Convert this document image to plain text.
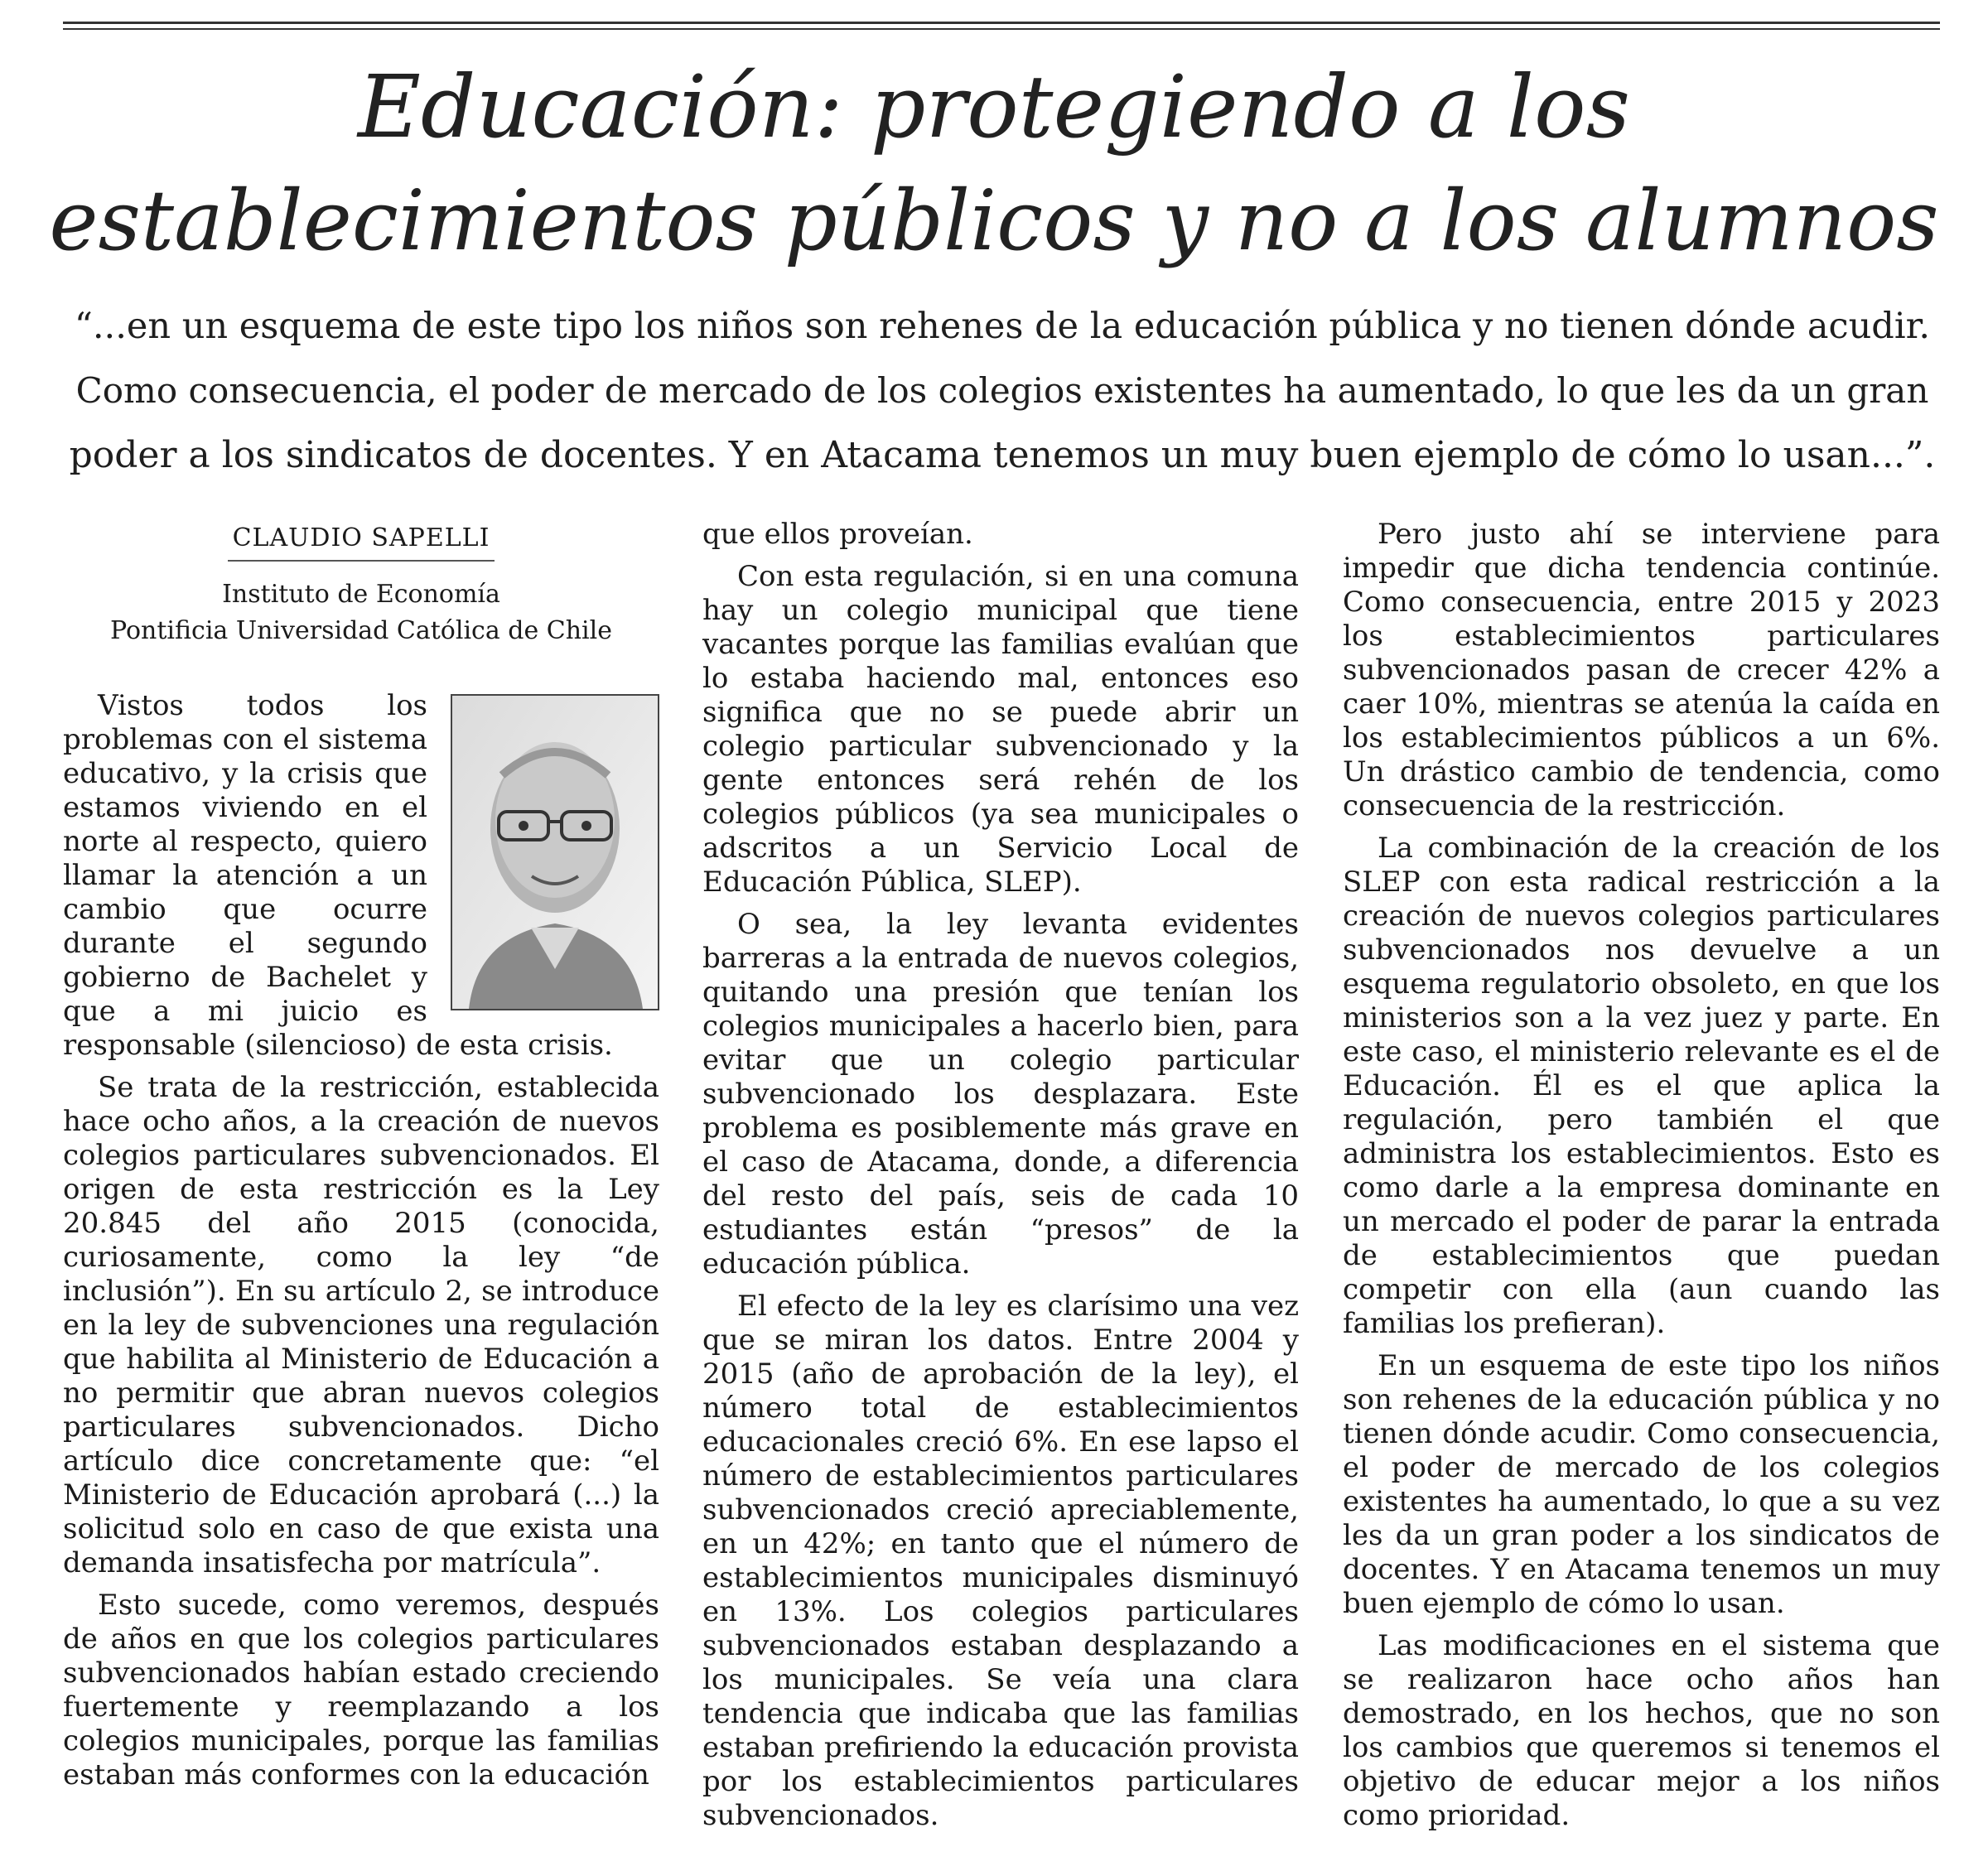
Educación: protegiendo a los
establecimientos públicos y no a los alumnos
“...en un esquema de este tipo los niños son rehenes de la educación pública y no tienen dónde acudir.
Como consecuencia, el poder de mercado de los colegios existentes ha aumentado, lo que les da un gran
poder a los sindicatos de docentes. Y en Atacama tenemos un muy buen ejemplo de cómo lo usan...”.
CLAUDIO SAPELLI
Instituto de Economía
Pontificia Universidad Católica de Chile

Vistos todos los problemas con el sistema educativo, y la crisis que estamos viviendo en el norte al respecto, quiero llamar la atención a un cambio que ocurre durante el segundo gobierno de Bachelet y que a mi juicio es responsable (silencioso) de esta crisis.

Se trata de la restricción, establecida hace ocho años, a la creación de nuevos colegios particulares subvencionados. El origen de esta restricción es la Ley 20.845 del año 2015 (conocida, curiosamente, como la ley “de inclusión”). En su artículo 2, se introduce en la ley de subvenciones una regulación que habilita al Ministerio de Educación a no permitir que abran nuevos colegios particulares subvencionados. Dicho artículo dice concretamente que: “el Ministerio de Educación aprobará (...) la solicitud solo en caso de que exista una demanda insatisfecha por matrícula”.

Esto sucede, como veremos, después de años en que los colegios particulares subvencionados habían estado creciendo fuertemente y reemplazando a los colegios municipales, porque las familias estaban más conformes con la educación

que ellos proveían.

Con esta regulación, si en una comuna hay un colegio municipal que tiene vacantes porque las familias evalúan que lo estaba haciendo mal, entonces eso significa que no se puede abrir un colegio particular subvencionado y la gente entonces será rehén de los colegios públicos (ya sea municipales o adscritos a un Servicio Local de Educación Pública, SLEP).

O sea, la ley levanta evidentes barreras a la entrada de nuevos colegios, quitando una presión que tenían los colegios municipales a hacerlo bien, para evitar que un colegio particular subvencionado los desplazara. Este problema es posiblemente más grave en el caso de Atacama, donde, a diferencia del resto del país, seis de cada 10 estudiantes están “presos” de la educación pública.

El efecto de la ley es clarísimo una vez que se miran los datos. Entre 2004 y 2015 (año de aprobación de la ley), el número total de establecimientos educacionales creció 6%. En ese lapso el número de establecimientos particulares subvencionados creció apreciablemente, en un 42%; en tanto que el número de establecimientos municipales disminuyó en 13%. Los colegios particulares subvencionados estaban desplazando a los municipales. Se veía una clara tendencia que indicaba que las familias estaban prefiriendo la educación provista por los establecimientos particulares subvencionados.

Pero justo ahí se interviene para impedir que dicha tendencia continúe. Como consecuencia, entre 2015 y 2023 los establecimientos particulares subvencionados pasan de crecer 42% a caer 10%, mientras se atenúa la caída en los establecimientos públicos a un 6%. Un drástico cambio de tendencia, como consecuencia de la restricción.

La combinación de la creación de los SLEP con esta radical restricción a la creación de nuevos colegios particulares subvencionados nos devuelve a un esquema regulatorio obsoleto, en que los ministerios son a la vez juez y parte. En este caso, el ministerio relevante es el de Educación. Él es el que aplica la regulación, pero también el que administra los establecimientos. Esto es como darle a la empresa dominante en un mercado el poder de parar la entrada de establecimientos que puedan competir con ella (aun cuando las familias los prefieran).

En un esquema de este tipo los niños son rehenes de la educación pública y no tienen dónde acudir. Como consecuencia, el poder de mercado de los colegios existentes ha aumentado, lo que a su vez les da un gran poder a los sindicatos de docentes. Y en Atacama tenemos un muy buen ejemplo de cómo lo usan.

Las modificaciones en el sistema que se realizaron hace ocho años han demostrado, en los hechos, que no son los cambios que queremos si tenemos el objetivo de educar mejor a los niños como prioridad.
